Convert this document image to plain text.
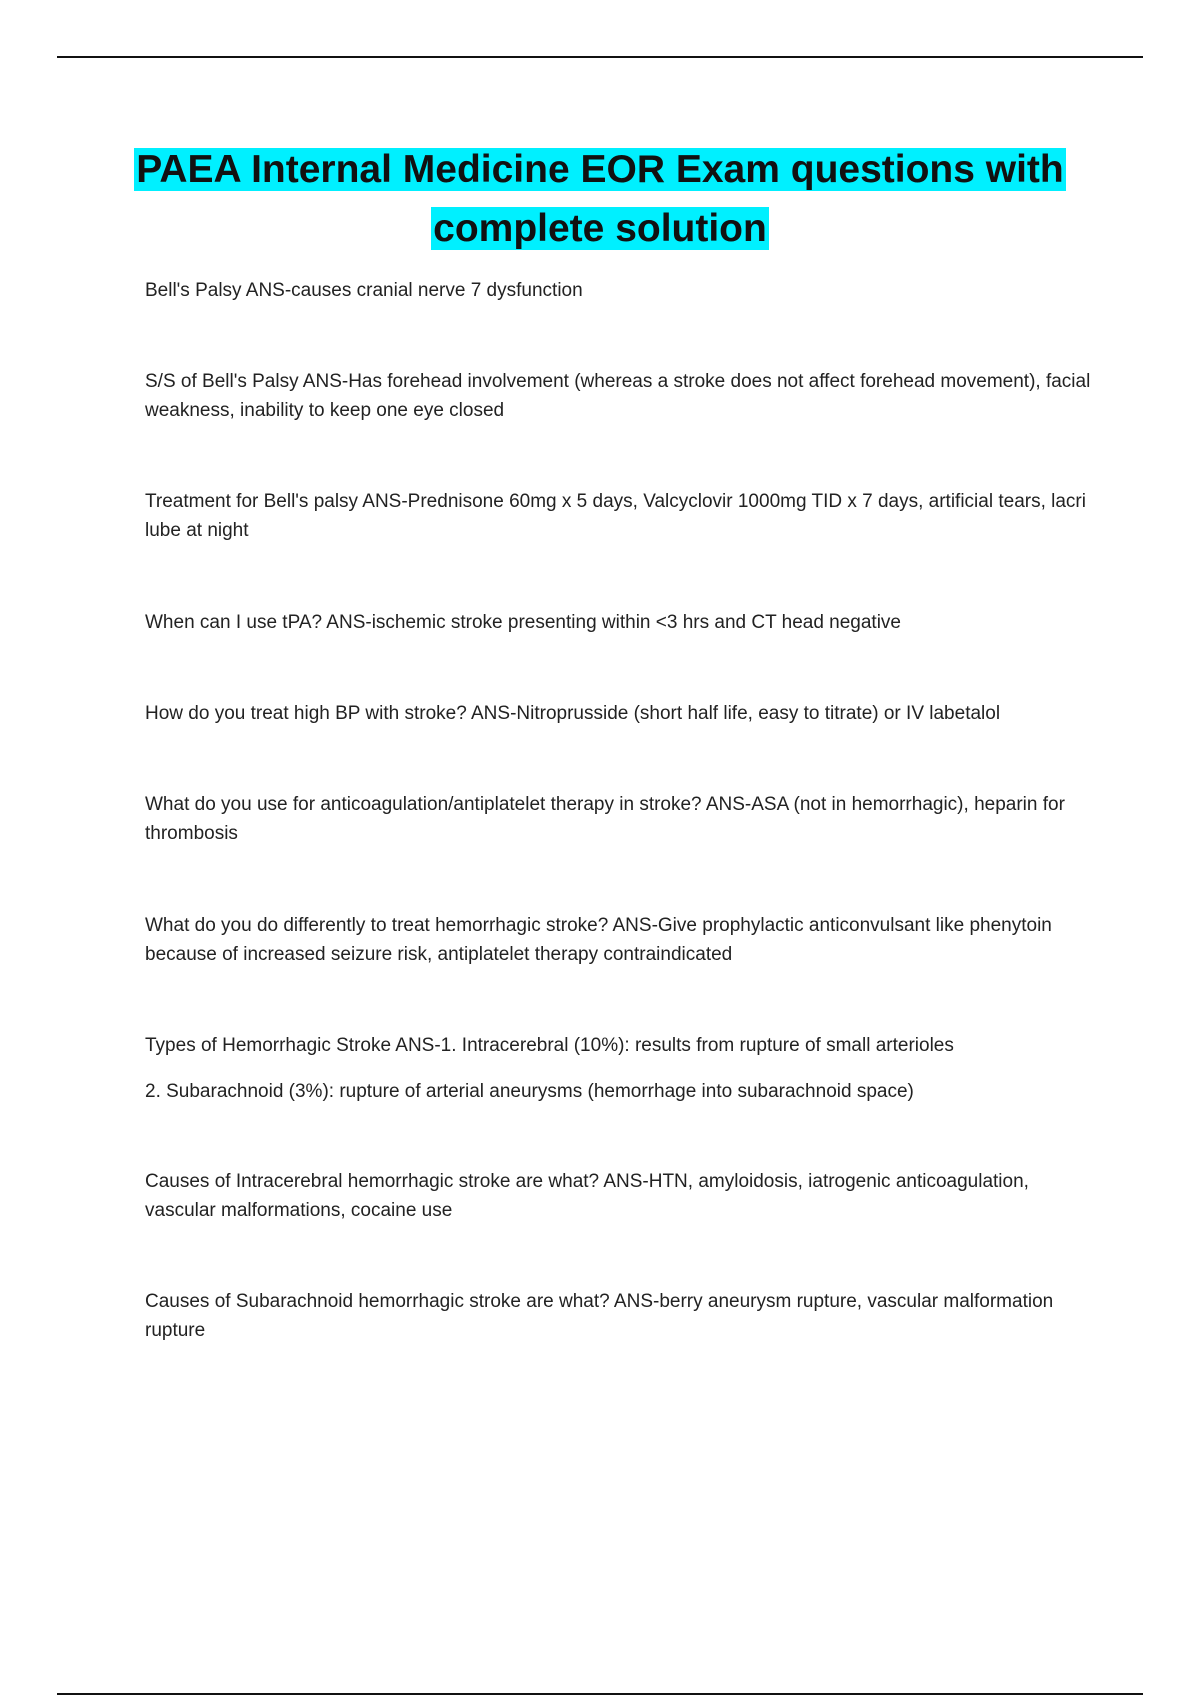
PAEA Internal Medicine EOR Exam questions with
complete solution

Bell's Palsy ANS-causes cranial nerve 7 dysfunction

S/S of Bell's Palsy ANS-Has forehead involvement (whereas a stroke does not affect forehead movement), facial weakness, inability to keep one eye closed

Treatment for Bell's palsy ANS-Prednisone 60mg x 5 days, Valcyclovir 1000mg TID x 7 days, artificial tears, lacri lube at night

When can I use tPA? ANS-ischemic stroke presenting within <3 hrs and CT head negative

How do you treat high BP with stroke? ANS-Nitroprusside (short half life, easy to titrate) or IV labetalol

What do you use for anticoagulation/antiplatelet therapy in stroke? ANS-ASA (not in hemorrhagic), heparin for thrombosis

What do you do differently to treat hemorrhagic stroke? ANS-Give prophylactic anticonvulsant like phenytoin because of increased seizure risk, antiplatelet therapy contraindicated

Types of Hemorrhagic Stroke ANS-1. Intracerebral (10%): results from rupture of small arterioles
2. Subarachnoid (3%): rupture of arterial aneurysms (hemorrhage into subarachnoid space)

Causes of Intracerebral hemorrhagic stroke are what? ANS-HTN, amyloidosis, iatrogenic anticoagulation, vascular malformations, cocaine use

Causes of Subarachnoid hemorrhagic stroke are what? ANS-berry aneurysm rupture, vascular malformation rupture
